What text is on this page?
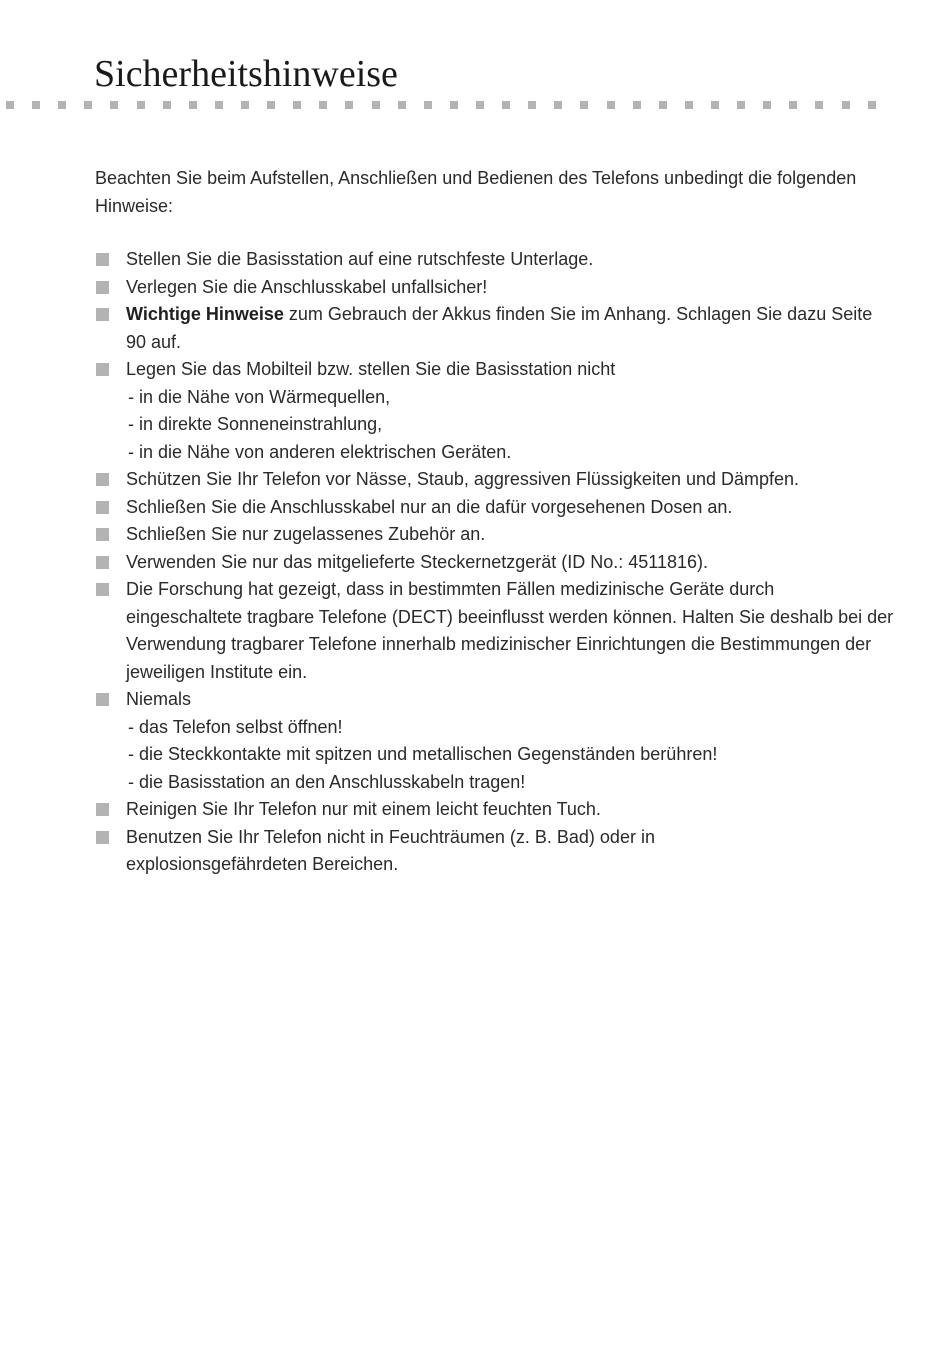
Sicherheitshinweise

Beachten Sie beim Aufstellen, Anschließen und Bedienen des Telefons unbedingt die folgenden Hinweise:

Stellen Sie die Basisstation auf eine rutschfeste Unterlage.
Verlegen Sie die Anschlusskabel unfallsicher!
Wichtige Hinweise zum Gebrauch der Akkus finden Sie im Anhang. Schlagen Sie dazu Seite 90 auf.
Legen Sie das Mobilteil bzw. stellen Sie die Basisstation nicht
- in die Nähe von Wärmequellen,
- in direkte Sonneneinstrahlung,
- in die Nähe von anderen elektrischen Geräten.
Schützen Sie Ihr Telefon vor Nässe, Staub, aggressiven Flüssigkeiten und Dämpfen.
Schließen Sie die Anschlusskabel nur an die dafür vorgesehenen Dosen an.
Schließen Sie nur zugelassenes Zubehör an.
Verwenden Sie nur das mitgelieferte Steckernetzgerät (ID No.: 4511816).
Die Forschung hat gezeigt, dass in bestimmten Fällen medizinische Geräte durch eingeschaltete tragbare Telefone (DECT) beeinflusst werden können. Halten Sie deshalb bei der Verwendung tragbarer Telefone innerhalb medizinischer Einrichtungen die Bestimmungen der jeweiligen Institute ein.
Niemals
- das Telefon selbst öffnen!
- die Steckkontakte mit spitzen und metallischen Gegenständen berühren!
- die Basisstation an den Anschlusskabeln tragen!
Reinigen Sie Ihr Telefon nur mit einem leicht feuchten Tuch.
Benutzen Sie Ihr Telefon nicht in Feuchträumen (z. B. Bad) oder in
explosionsgefährdeten Bereichen.
